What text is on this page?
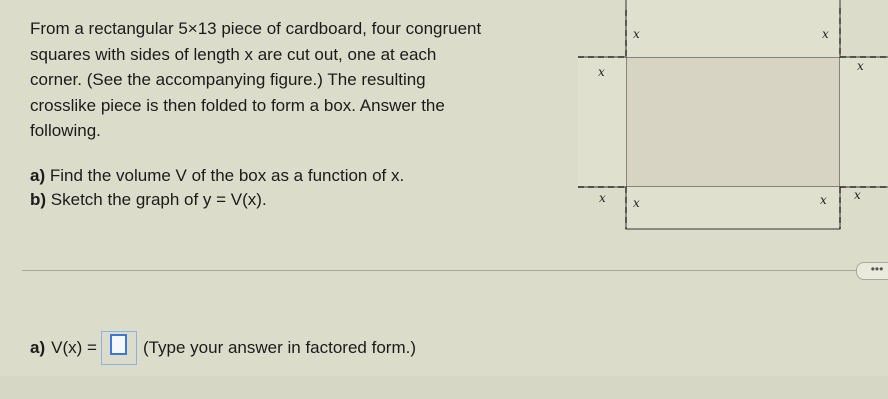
From a rectangular 5×13 piece of cardboard, four congruent

squares with sides of length x are cut out, one at each

corner. (See the accompanying figure.) The resulting

crosslike piece is then folded to form a box. Answer the

following.

a) Find the volume V of the box as a function of x.
b) Sketch the graph of y = V(x).
x	x
x	x
x x	x x
•••
a) V(x) =	(Type your answer in factored form.)
